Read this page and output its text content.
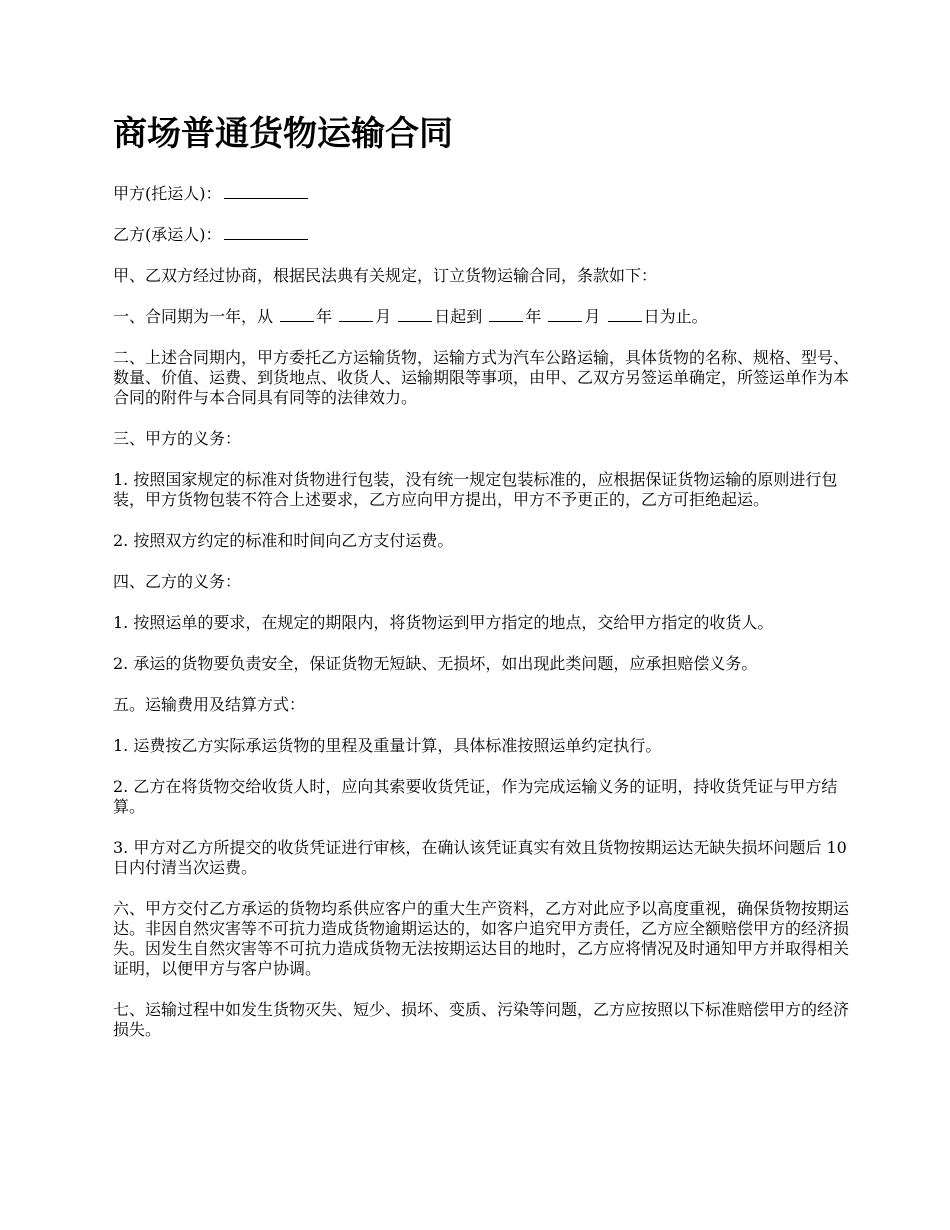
商场普通货物运输合同

甲方(托运人)：

乙方(承运人)：

甲、乙双方经过协商，根据民法典有关规定，订立货物运输合同，条款如下：

一、合同期为一年，从 年 月 日起到 年 月 日为止。

二、上述合同期内，甲方委托乙方运输货物，运输方式为汽车公路运输，具体货物的名称、规格、型号、数量、价值、运费、到货地点、收货人、运输期限等事项，由甲、乙双方另签运单确定，所签运单作为本合同的附件与本合同具有同等的法律效力。

三、甲方的义务：

1. 按照国家规定的标准对货物进行包装，没有统一规定包装标准的，应根据保证货物运输的原则进行包装，甲方货物包装不符合上述要求，乙方应向甲方提出，甲方不予更正的，乙方可拒绝起运。

2. 按照双方约定的标准和时间向乙方支付运费。

四、乙方的义务：

1. 按照运单的要求，在规定的期限内，将货物运到甲方指定的地点，交给甲方指定的收货人。

2. 承运的货物要负责安全，保证货物无短缺、无损坏，如出现此类问题，应承担赔偿义务。

五。运输费用及结算方式：

1. 运费按乙方实际承运货物的里程及重量计算，具体标准按照运单约定执行。

2. 乙方在将货物交给收货人时，应向其索要收货凭证，作为完成运输义务的证明，持收货凭证与甲方结算。

3. 甲方对乙方所提交的收货凭证进行审核，在确认该凭证真实有效且货物按期运达无缺失损坏问题后 10 日内付清当次运费。

六、甲方交付乙方承运的货物均系供应客户的重大生产资料，乙方对此应予以高度重视，确保货物按期运达。非因自然灾害等不可抗力造成货物逾期运达的，如客户追究甲方责任，乙方应全额赔偿甲方的经济损失。因发生自然灾害等不可抗力造成货物无法按期运达目的地时，乙方应将情况及时通知甲方并取得相关证明，以便甲方与客户协调。

七、运输过程中如发生货物灭失、短少、损坏、变质、污染等问题，乙方应按照以下标准赔偿甲方的经济损失。
